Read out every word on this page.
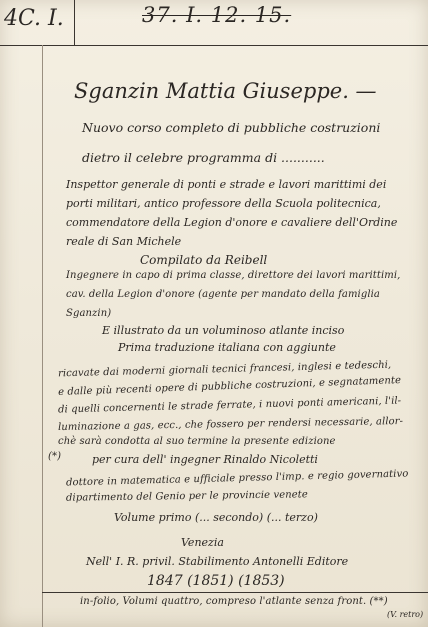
4C. I.	37. I. 12. 15.
Sganzin Mattia Giuseppe. —
Nuovo corso completo di pubbliche costruzioni
dietro il celebre programma di ...........
Inspettor generale di ponti e strade e lavori marittimi dei
porti militari, antico professore della Scuola politecnica,
commendatore della Legion d'onore e cavaliere dell'Ordine
reale di San Michele
Compilato da Reibell
Ingegnere in capo di prima classe, direttore dei lavori marittimi,
cav. della Legion d'onore (agente per mandato della famiglia
Sganzin)
E illustrato da un voluminoso atlante inciso
Prima traduzione italiana con aggiunte
ricavate dai moderni giornali tecnici francesi, inglesi e tedeschi,
e dalle più recenti opere di pubbliche costruzioni, e segnatamente
di quelli concernenti le strade ferrate, i nuovi ponti americani, l'il-
luminazione a gas, ecc., che fossero per rendersi necessarie, allor-
chè sarà condotta al suo termine la presente edizione
(*)	per cura dell' ingegner Rinaldo Nicoletti
dottore in matematica e ufficiale presso l'imp. e regio governativo
dipartimento del Genio per le provincie venete
Volume primo (... secondo) (... terzo)
Venezia
Nell' I. R. privil. Stabilimento Antonelli Editore
1847 (1851) (1853)
in-folio, Volumi quattro, compreso l'atlante senza front. (**)
(V. retro)
